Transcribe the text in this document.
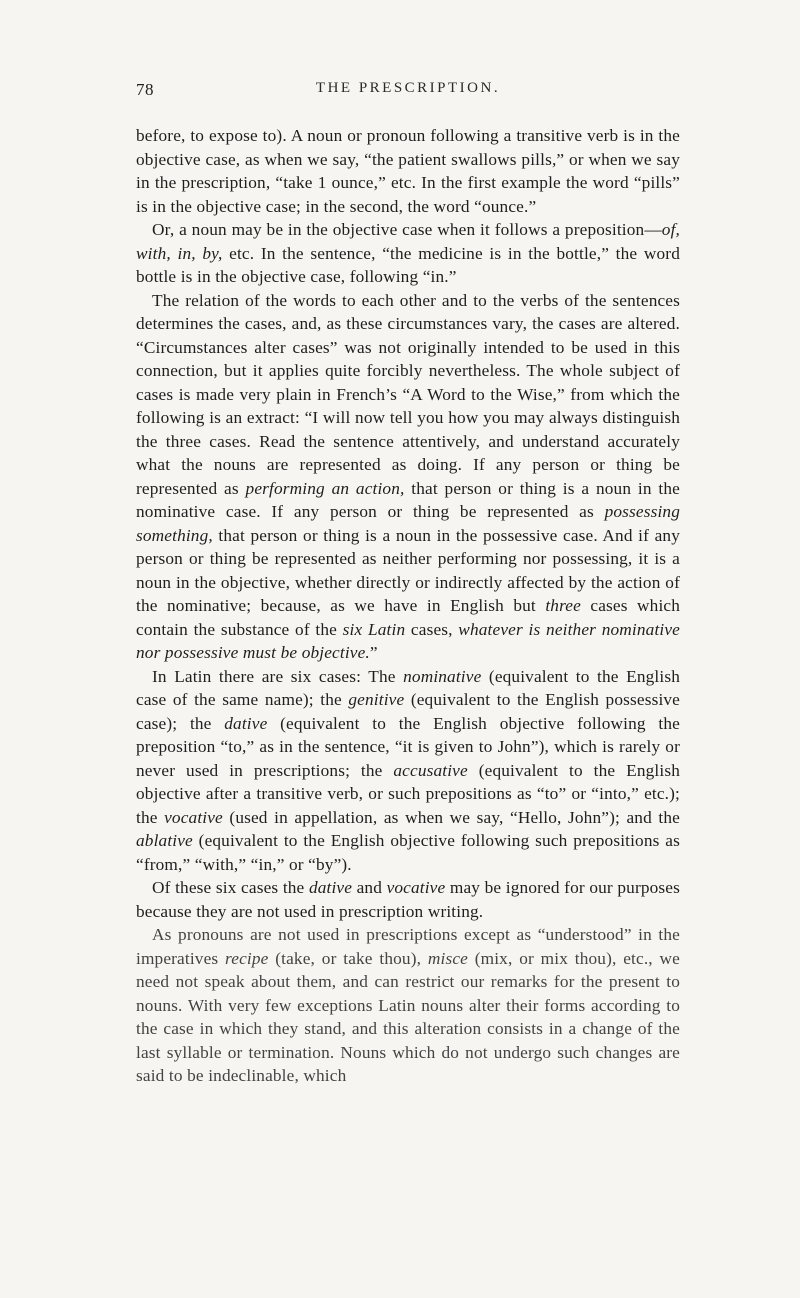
78	THE PRESCRIPTION.

before, to expose to). A noun or pronoun following a transitive verb is in the objective case, as when we say, “the patient swallows pills,” or when we say in the prescription, “take 1 ounce,” etc. In the first example the word “pills” is in the objective case; in the second, the word “ounce.”

Or, a noun may be in the objective case when it follows a preposition—of, with, in, by, etc. In the sentence, “the medicine is in the bottle,” the word bottle is in the objective case, following “in.”

The relation of the words to each other and to the verbs of the sentences determines the cases, and, as these circumstances vary, the cases are altered. “Circumstances alter cases” was not originally intended to be used in this connection, but it applies quite forcibly nevertheless. The whole subject of cases is made very plain in French’s “A Word to the Wise,” from which the following is an extract: “I will now tell you how you may always distinguish the three cases. Read the sentence attentively, and understand accurately what the nouns are represented as doing. If any person or thing be represented as performing an action, that person or thing is a noun in the nominative case. If any person or thing be represented as possessing something, that person or thing is a noun in the possessive case. And if any person or thing be represented as neither performing nor possessing, it is a noun in the objective, whether directly or indirectly affected by the action of the nominative; because, as we have in English but three cases which contain the substance of the six Latin cases, whatever is neither nominative nor possessive must be objective.”

In Latin there are six cases: The nominative (equivalent to the English case of the same name); the genitive (equivalent to the English possessive case); the dative (equivalent to the English objective following the preposition “to,” as in the sentence, “it is given to John”), which is rarely or never used in prescriptions; the accusative (equivalent to the English objective after a transitive verb, or such prepositions as “to” or “into,” etc.); the vocative (used in appellation, as when we say, “Hello, John”); and the ablative (equivalent to the English objective following such prepositions as “from,” “with,” “in,” or “by”).

Of these six cases the dative and vocative may be ignored for our purposes because they are not used in prescription writing.

As pronouns are not used in prescriptions except as “understood” in the imperatives recipe (take, or take thou), misce (mix, or mix thou), etc., we need not speak about them, and can restrict our remarks for the present to nouns. With very few exceptions Latin nouns alter their forms according to the case in which they stand, and this alteration consists in a change of the last syllable or termination. Nouns which do not undergo such changes are said to be indeclinable, which
